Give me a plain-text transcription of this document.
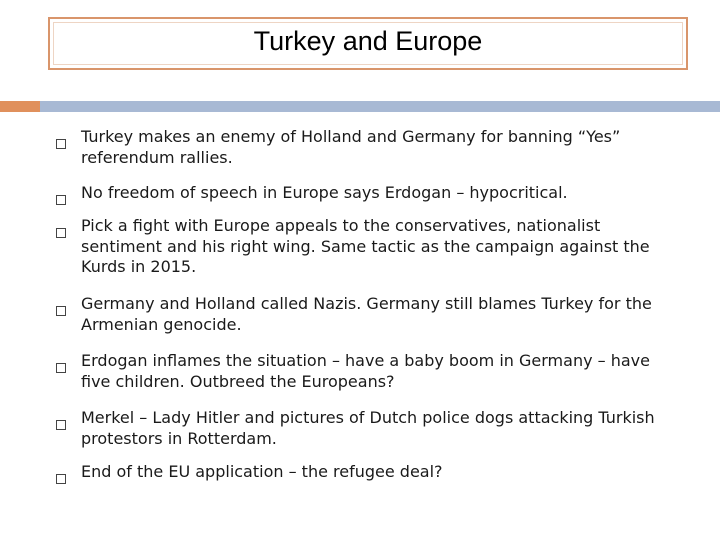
Turkey and Europe
Turkey makes an enemy of Holland and Germany for banning “Yes” referendum rallies.
No freedom of speech in Europe says Erdogan – hypocritical.
Pick a fight with Europe appeals to the conservatives, nationalist sentiment and his right wing. Same tactic as the campaign against the Kurds in 2015.
Germany and Holland called Nazis. Germany still blames Turkey for the Armenian genocide.
Erdogan inflames the situation – have a baby boom in Germany – have five children. Outbreed the Europeans?
Merkel – Lady Hitler and pictures of Dutch police dogs attacking Turkish protestors in Rotterdam.
End of the EU application – the refugee deal?
